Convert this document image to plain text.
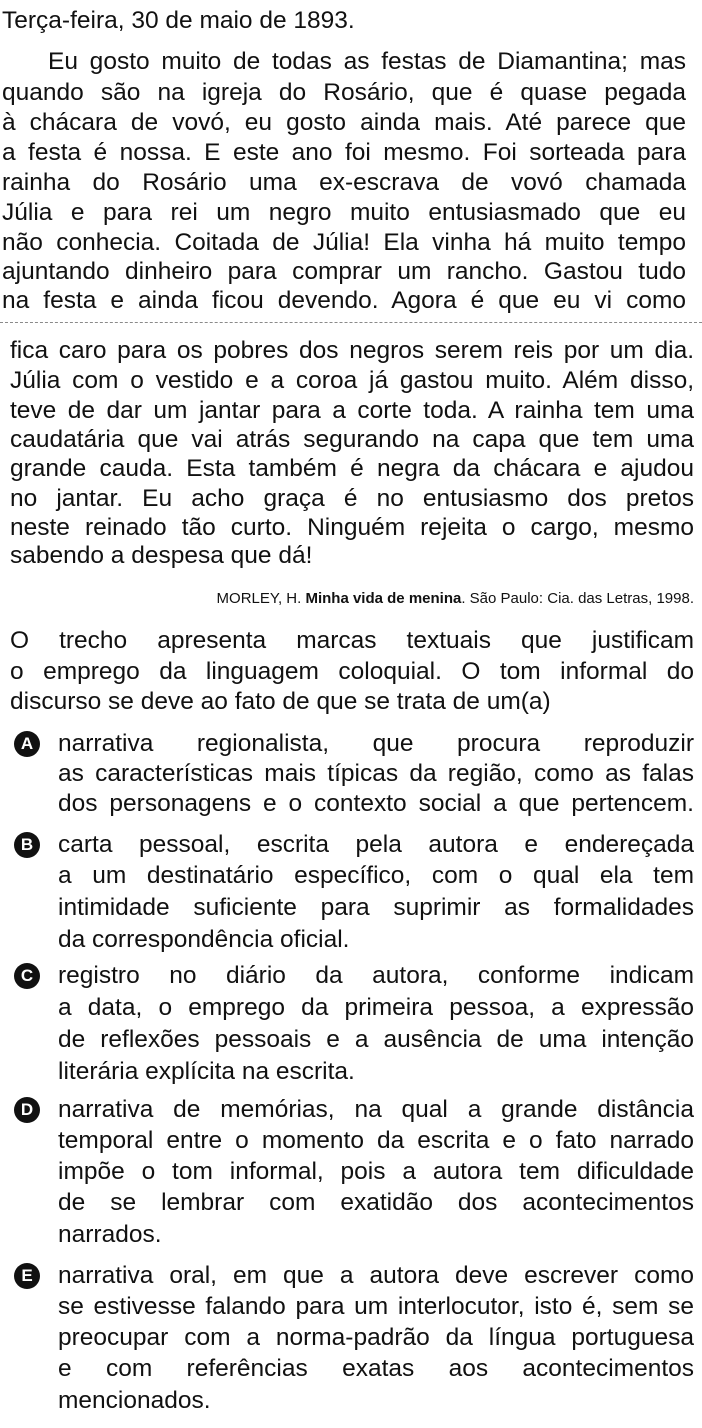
Terça-feira, 30 de maio de 1893.
Eu gosto muito de todas as festas de Diamantina; mas
quando são na igreja do Rosário, que é quase pegada
à chácara de vovó, eu gosto ainda mais. Até parece que
a festa é nossa. E este ano foi mesmo. Foi sorteada para
rainha do Rosário uma ex-escrava de vovó chamada
Júlia e para rei um negro muito entusiasmado que eu
não conhecia. Coitada de Júlia! Ela vinha há muito tempo
ajuntando dinheiro para comprar um rancho. Gastou tudo
na festa e ainda ficou devendo. Agora é que eu vi como
fica caro para os pobres dos negros serem reis por um dia.
Júlia com o vestido e a coroa já gastou muito. Além disso,
teve de dar um jantar para a corte toda. A rainha tem uma
caudatária que vai atrás segurando na capa que tem uma
grande cauda. Esta também é negra da chácara e ajudou
no jantar. Eu acho graça é no entusiasmo dos pretos
neste reinado tão curto. Ninguém rejeita o cargo, mesmo
sabendo a despesa que dá!
MORLEY, H. Minha vida de menina. São Paulo: Cia. das Letras, 1998.
O trecho apresenta marcas textuais que justificam
o emprego da linguagem coloquial. O tom informal do
discurso se deve ao fato de que se trata de um(a)
A narrativa regionalista, que procura reproduzir
as características mais típicas da região, como as falas
dos personagens e o contexto social a que pertencem.
B carta pessoal, escrita pela autora e endereçada
a um destinatário específico, com o qual ela tem
intimidade suficiente para suprimir as formalidades
da correspondência oficial.
C registro no diário da autora, conforme indicam
a data, o emprego da primeira pessoa, a expressão
de reflexões pessoais e a ausência de uma intenção
literária explícita na escrita.
D narrativa de memórias, na qual a grande distância
temporal entre o momento da escrita e o fato narrado
impõe o tom informal, pois a autora tem dificuldade
de se lembrar com exatidão dos acontecimentos
narrados.
E narrativa oral, em que a autora deve escrever como
se estivesse falando para um interlocutor, isto é, sem se
preocupar com a norma-padrão da língua portuguesa
e com referências exatas aos acontecimentos
mencionados.
